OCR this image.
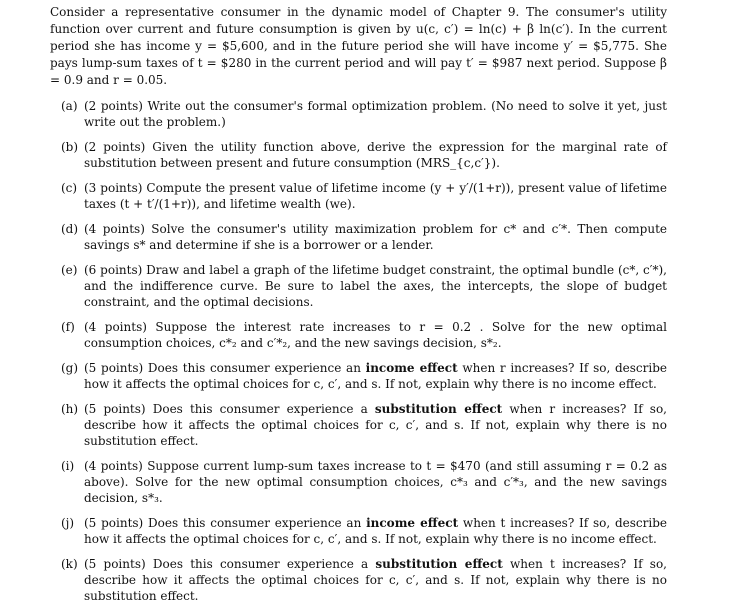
Consider a representative consumer in the dynamic model of Chapter 9. The consumer's utility function over current and future consumption is given by u(c, c′) = ln(c) + β ln(c′). In the current period she has income y = $5,600, and in the future period she will have income y′ = $5,775. She pays lump-sum taxes of t = $280 in the current period and will pay t′ = $987 next period. Suppose β = 0.9 and r = 0.05.

(a) (2 points) Write out the consumer's formal optimization problem. (No need to solve it yet, just write out the problem.)
(b) (2 points) Given the utility function above, derive the expression for the marginal rate of substitution between present and future consumption (MRS_{c,c′}).
(c) (3 points) Compute the present value of lifetime income (y + y′/(1+r)), present value of lifetime taxes (t + t′/(1+r)), and lifetime wealth (we).
(d) (4 points) Solve the consumer's utility maximization problem for c* and c′*. Then compute savings s* and determine if she is a borrower or a lender.
(e) (6 points) Draw and label a graph of the lifetime budget constraint, the optimal bundle (c*, c′*), and the indifference curve. Be sure to label the axes, the intercepts, the slope of budget constraint, and the optimal decisions.
(f) (4 points) Suppose the interest rate increases to r = 0.2 . Solve for the new optimal consumption choices, c*₂ and c′*₂, and the new savings decision, s*₂.
(g) (5 points) Does this consumer experience an income effect when r increases? If so, describe how it affects the optimal choices for c, c′, and s. If not, explain why there is no income effect.
(h) (5 points) Does this consumer experience a substitution effect when r increases? If so, describe how it affects the optimal choices for c, c′, and s. If not, explain why there is no substitution effect.
(i) (4 points) Suppose current lump-sum taxes increase to t = $470 (and still assuming r = 0.2 as above). Solve for the new optimal consumption choices, c*₃ and c′*₃, and the new savings decision, s*₃.
(j) (5 points) Does this consumer experience an income effect when t increases? If so, describe how it affects the optimal choices for c, c′, and s. If not, explain why there is no income effect.
(k) (5 points) Does this consumer experience a substitution effect when t increases? If so, describe how it affects the optimal choices for c, c′, and s. If not, explain why there is no substitution effect.
